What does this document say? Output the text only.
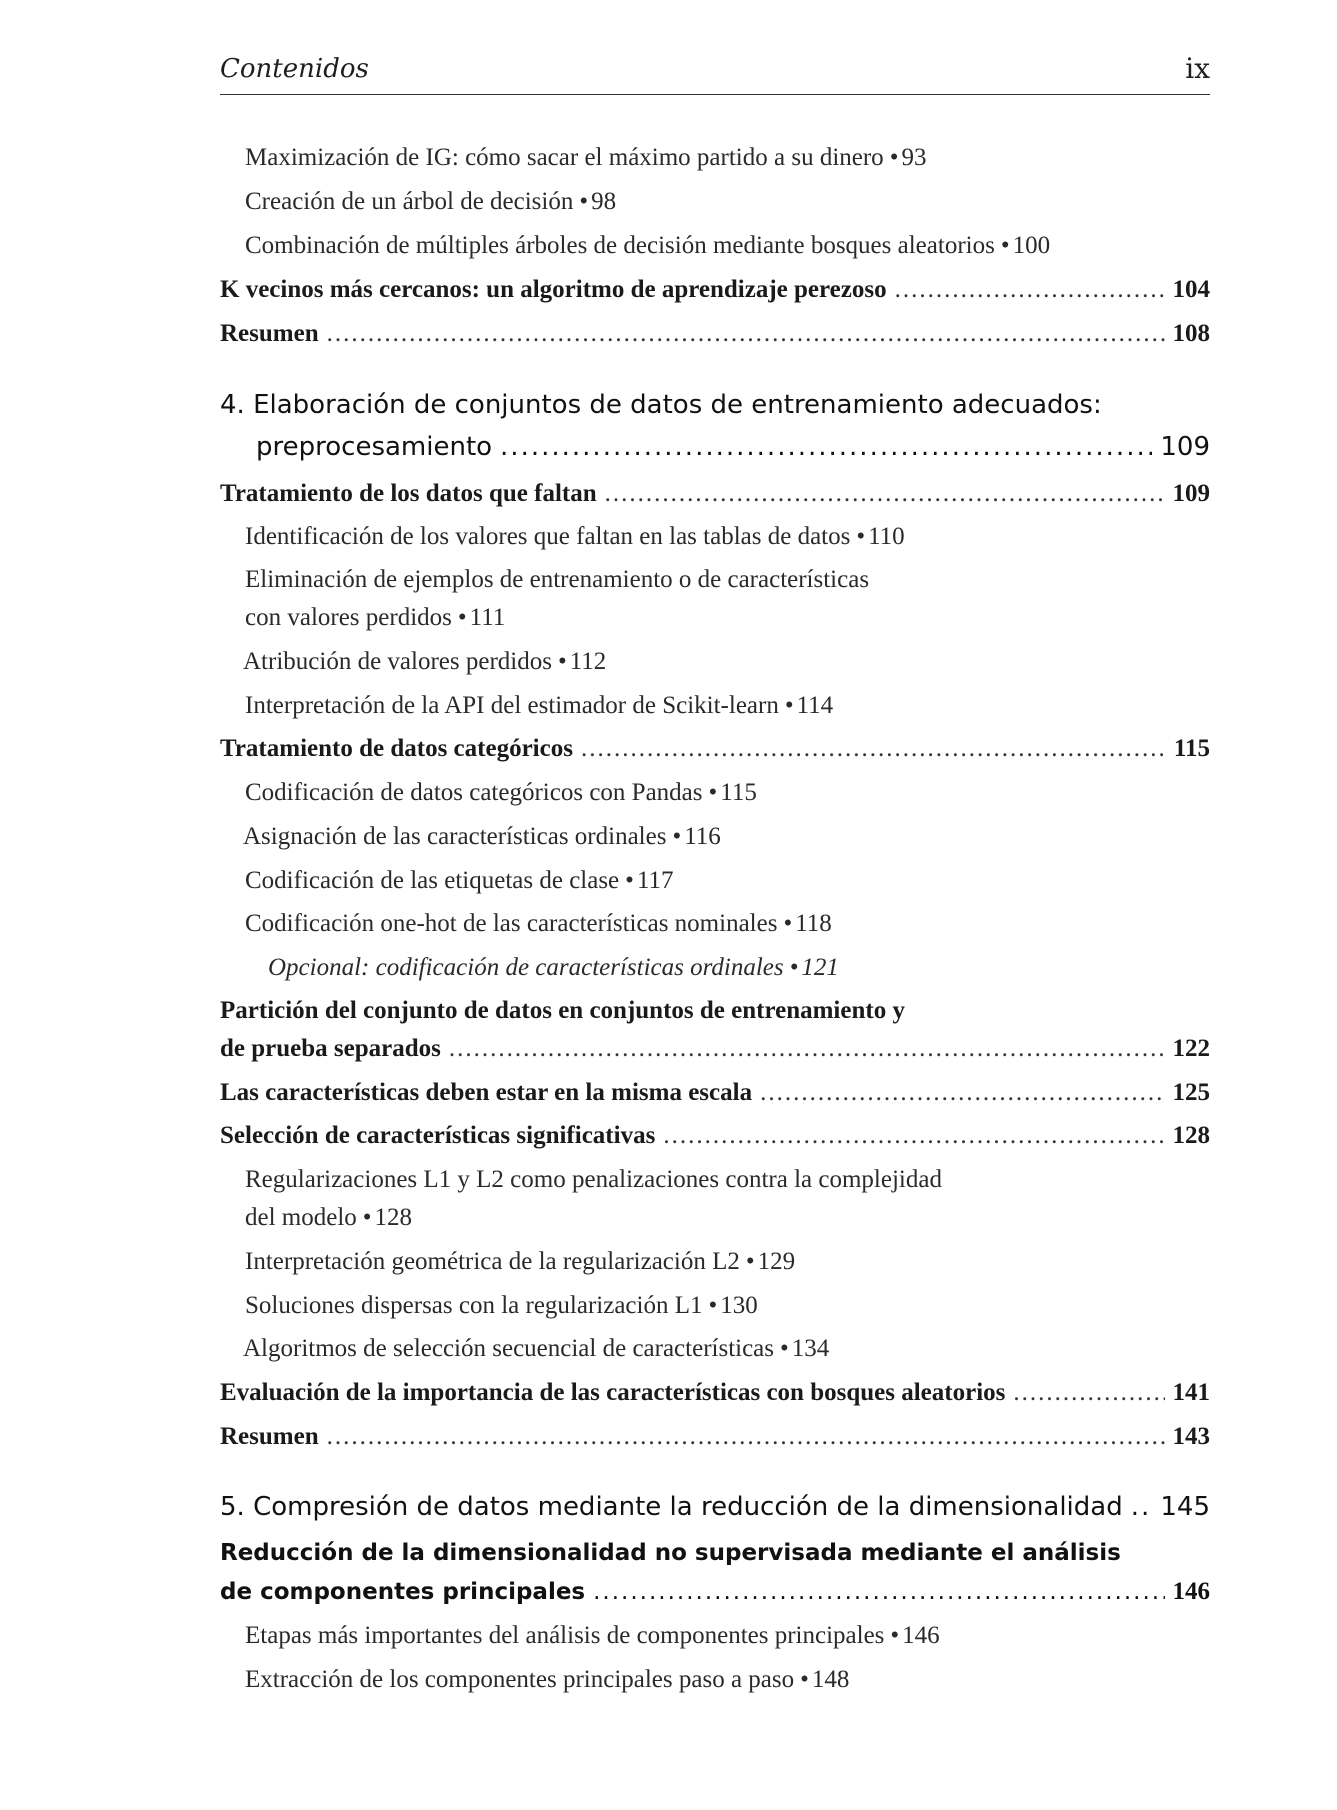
Contenidos	ix
Maximización de IG: cómo sacar el máximo partido a su dinero • 93
Creación de un árbol de decisión • 98
Combinación de múltiples árboles de decisión mediante bosques aleatorios • 100
K vecinos más cercanos: un algoritmo de aprendizaje perezoso .....	104
Resumen .....	108
4. Elaboración de conjuntos de datos de entrenamiento adecuados:
preprocesamiento .....	109
Tratamiento de los datos que faltan .....	109
Identificación de los valores que faltan en las tablas de datos • 110
Eliminación de ejemplos de entrenamiento o de características
con valores perdidos • 111
Atribución de valores perdidos • 112
Interpretación de la API del estimador de Scikit-learn • 114
Tratamiento de datos categóricos .....	115
Codificación de datos categóricos con Pandas • 115
Asignación de las características ordinales • 116
Codificación de las etiquetas de clase • 117
Codificación one-hot de las características nominales • 118
Opcional: codificación de características ordinales • 121
Partición del conjunto de datos en conjuntos de entrenamiento y
de prueba separados .....	122
Las características deben estar en la misma escala .....	125
Selección de características significativas .....	128
Regularizaciones L1 y L2 como penalizaciones contra la complejidad
del modelo • 128
Interpretación geométrica de la regularización L2 • 129
Soluciones dispersas con la regularización L1 • 130
Algoritmos de selección secuencial de características • 134
Evaluación de la importancia de las características con bosques aleatorios .....	141
Resumen .....	143
5. Compresión de datos mediante la reducción de la dimensionalidad ..... 145
Reducción de la dimensionalidad no supervisada mediante el análisis
de componentes principales .....	146
Etapas más importantes del análisis de componentes principales • 146
Extracción de los componentes principales paso a paso • 148
